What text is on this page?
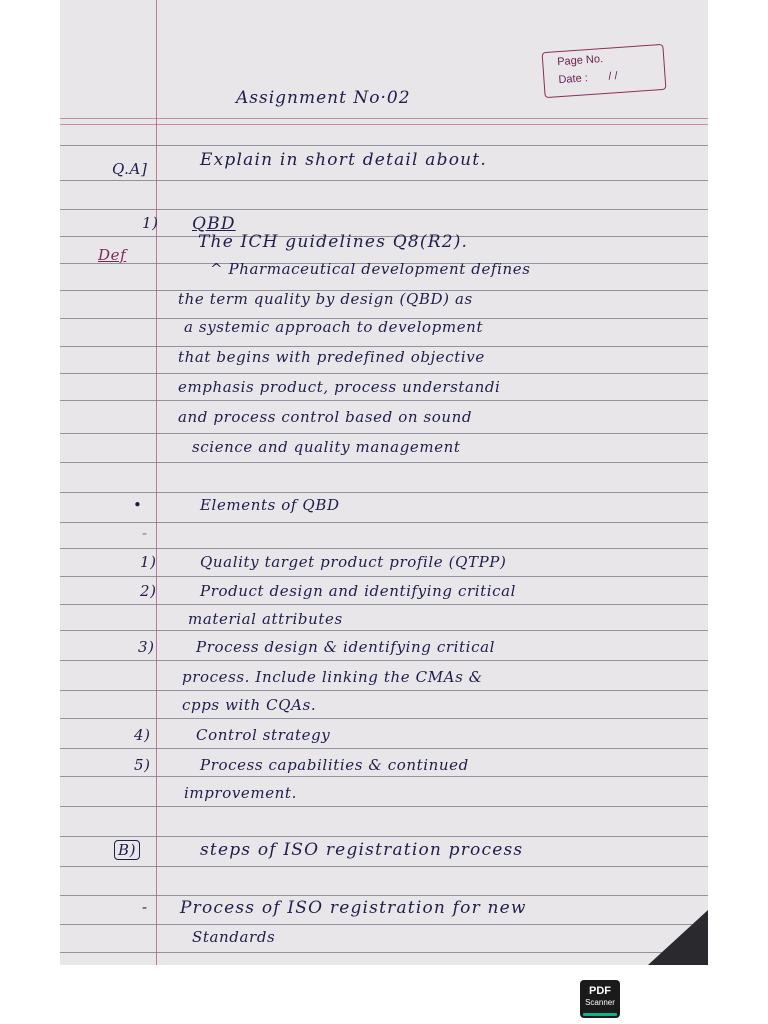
Page No.
Date : / /
Assignment No·02
Q.A]	Explain in short detail about.
1) QBD
Def
The ICH guidelines Q8(R2).
^ Pharmaceutical development defines
the term quality by design (QBD) as
a systemic approach to development
that begins with predefined objective
emphasis product, process understandi
and process control based on sound
science and quality management
•	Elements of QBD
-
1)	Quality target product profile (QTPP)
2)	Product design and identifying critical
material attributes
3)	Process design & identifying critical
process. Include linking the CMAs &
cpps with CQAs.
4)	Control strategy
5)	Process capabilities & continued
improvement.
B)	steps of ISO registration process
- Process of ISO registration for new
Standards
PDF
Scanner
